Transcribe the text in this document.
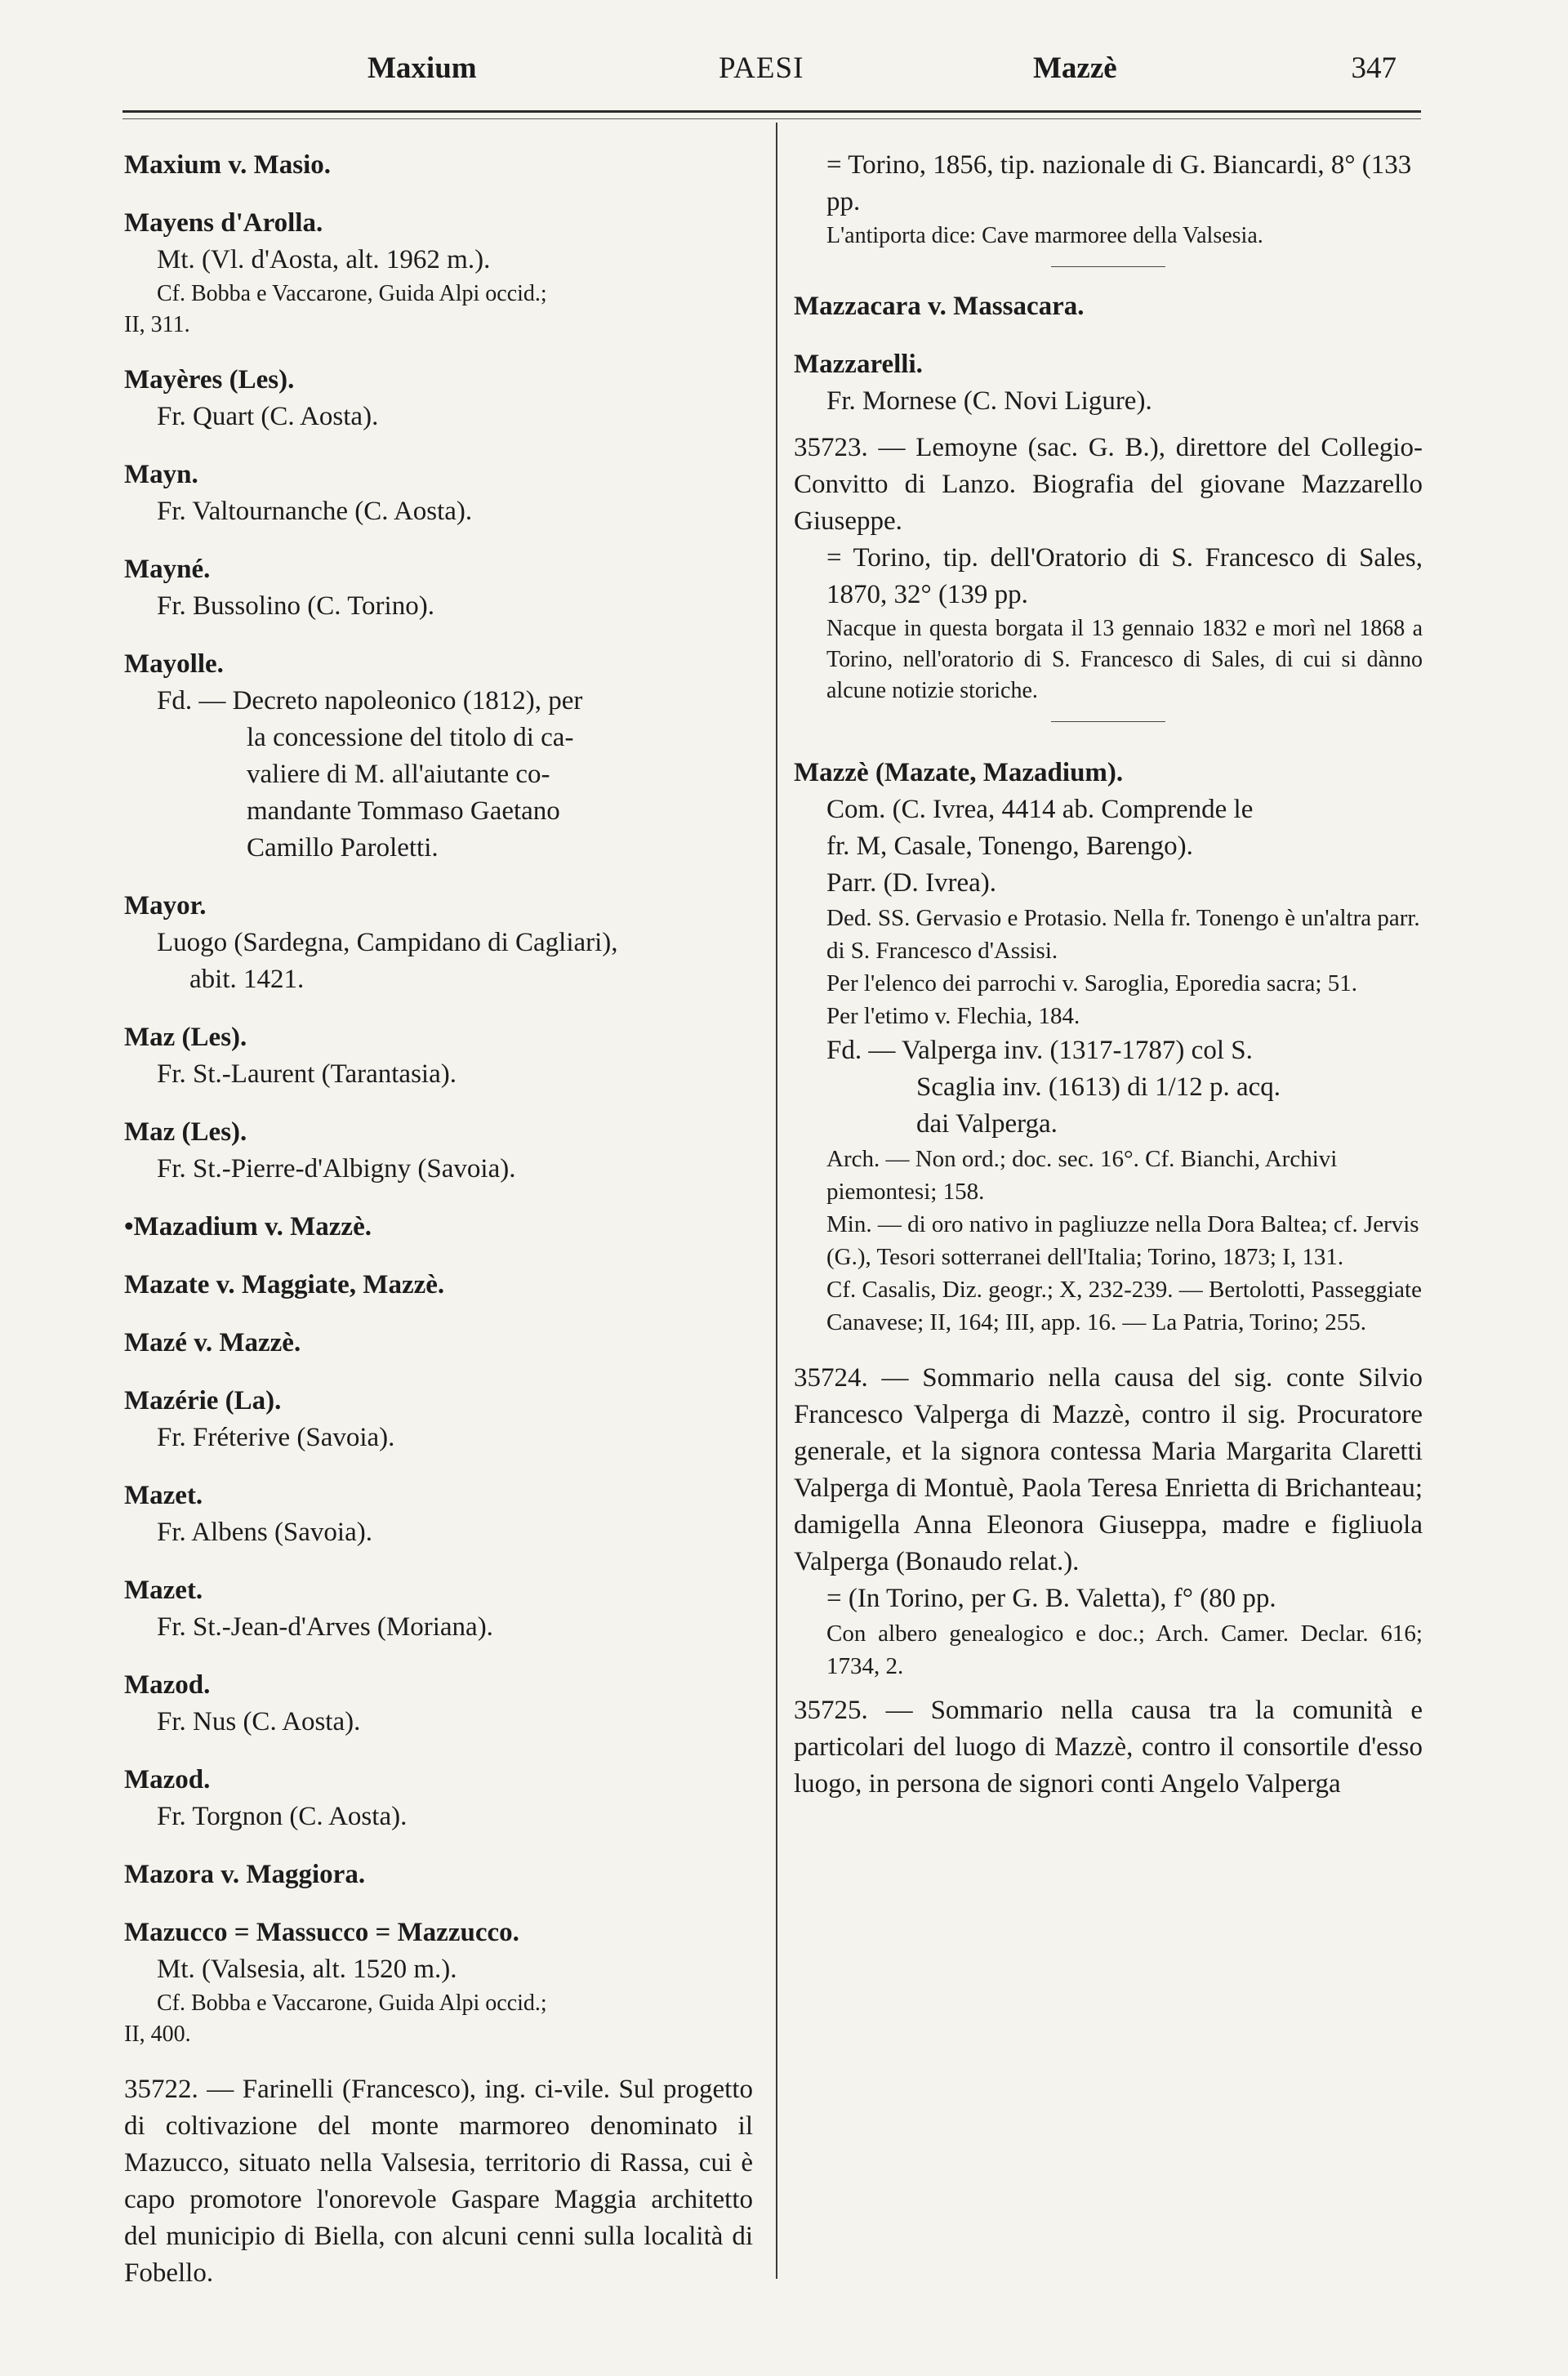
Maxium	PAESI	Mazzè	347
Maxium v. Masio.
Mayens d'Arolla.
Mt. (Vl. d'Aosta, alt. 1962 m.).
Cf. Bobba e Vaccarone, Guida Alpi occid.;
II, 311.
Mayères (Les).
Fr. Quart (C. Aosta).
Mayn.
Fr. Valtournanche (C. Aosta).
Mayné.
Fr. Bussolino (C. Torino).
Mayolle.
Fd. — Decreto napoleonico (1812), per
la concessione del titolo di ca-
valiere di M. all'aiutante co-
mandante Tommaso Gaetano
Camillo Paroletti.
Mayor.
Luogo (Sardegna, Campidano di Cagliari),
abit. 1421.
Maz (Les).
Fr. St.-Laurent (Tarantasia).
Maz (Les).
Fr. St.-Pierre-d'Albigny (Savoia).
•Mazadium v. Mazzè.
Mazate v. Maggiate, Mazzè.
Mazé v. Mazzè.
Mazérie (La).
Fr. Fréterive (Savoia).
Mazet.
Fr. Albens (Savoia).
Mazet.
Fr. St.-Jean-d'Arves (Moriana).
Mazod.
Fr. Nus (C. Aosta).
Mazod.
Fr. Torgnon (C. Aosta).
Mazora v. Maggiora.
Mazucco = Massucco = Mazzucco.
Mt. (Valsesia, alt. 1520 m.).
Cf. Bobba e Vaccarone, Guida Alpi occid.;
II, 400.
35722. — Farinelli (Francesco), ing. ci-vile. Sul progetto di coltivazione del monte marmoreo denominato il Mazucco, situato nella Valsesia, territorio di Rassa, cui è capo promotore l'onorevole Gaspare Maggia architetto del municipio di Biella, con alcuni cenni sulla località di Fobello.
= Torino, 1856, tip. nazionale di G. Biancardi, 8° (133 pp.
L'antiporta dice: Cave marmoree della Valsesia.
Mazzacara v. Massacara.
Mazzarelli.
Fr. Mornese (C. Novi Ligure).
35723. — Lemoyne (sac. G. B.), direttore del Collegio-Convitto di Lanzo. Biografia del giovane Mazzarello Giuseppe.
= Torino, tip. dell'Oratorio di S. Francesco di Sales, 1870, 32° (139 pp.
Nacque in questa borgata il 13 gennaio 1832 e morì nel 1868 a Torino, nell'oratorio di S. Francesco di Sales, di cui si dànno alcune notizie storiche.
Mazzè (Mazate, Mazadium).
Com. (C. Ivrea, 4414 ab. Comprende le
fr. M, Casale, Tonengo, Barengo).
Parr. (D. Ivrea).
Ded. SS. Gervasio e Protasio. Nella fr. Tonengo è un'altra parr. di S. Francesco d'Assisi.
Per l'elenco dei parrochi v. Saroglia, Eporedia sacra; 51.
Per l'etimo v. Flechia, 184.
Fd. — Valperga inv. (1317-1787) col S.
Scaglia inv. (1613) di 1/12 p. acq.
dai Valperga.
Arch. — Non ord.; doc. sec. 16°. Cf. Bianchi, Archivi piemontesi; 158.
Min. — di oro nativo in pagliuzze nella Dora Baltea; cf. Jervis (G.), Tesori sotterranei dell'Italia; Torino, 1873; I, 131.
Cf. Casalis, Diz. geogr.; X, 232-239. — Bertolotti, Passeggiate Canavese; II, 164; III, app. 16. — La Patria, Torino; 255.
35724. — Sommario nella causa del sig. conte Silvio Francesco Valperga di Mazzè, contro il sig. Procuratore generale, et la signora contessa Maria Margarita Claretti Valperga di Montuè, Paola Teresa Enrietta di Brichanteau; damigella Anna Eleonora Giuseppa, madre e figliuola Valperga (Bonaudo relat.).
= (In Torino, per G. B. Valetta), f° (80 pp.
Con albero genealogico e doc.; Arch. Camer. Declar. 616; 1734, 2.
35725. — Sommario nella causa tra la comunità e particolari del luogo di Mazzè, contro il consortile d'esso luogo, in persona de signori conti Angelo Valperga
